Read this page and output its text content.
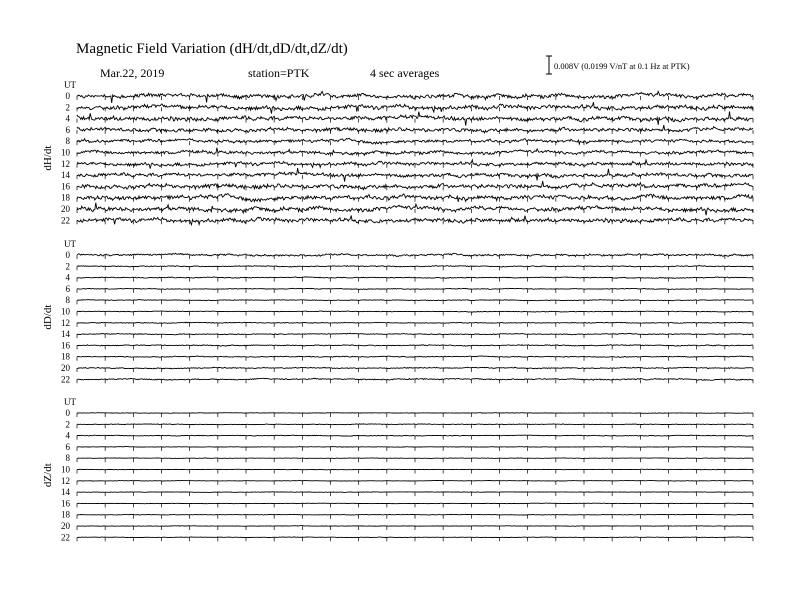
Magnetic Field Variation (dH/dt,dD/dt,dZ/dt)
Mar.22, 2019	station=PTK	4 sec averages	0.008V (0.0199 V/nT at 0.1 Hz at PTK)
UT
dH/dt
0
2
4
6
8
10
12
14
16
18
20
22
UT
dD/dt
0
2
4
6
8
10
12
14
16
18
20
22
UT
dZ/dt
0
2
4
6
8
10
12
14
16
18
20
22
